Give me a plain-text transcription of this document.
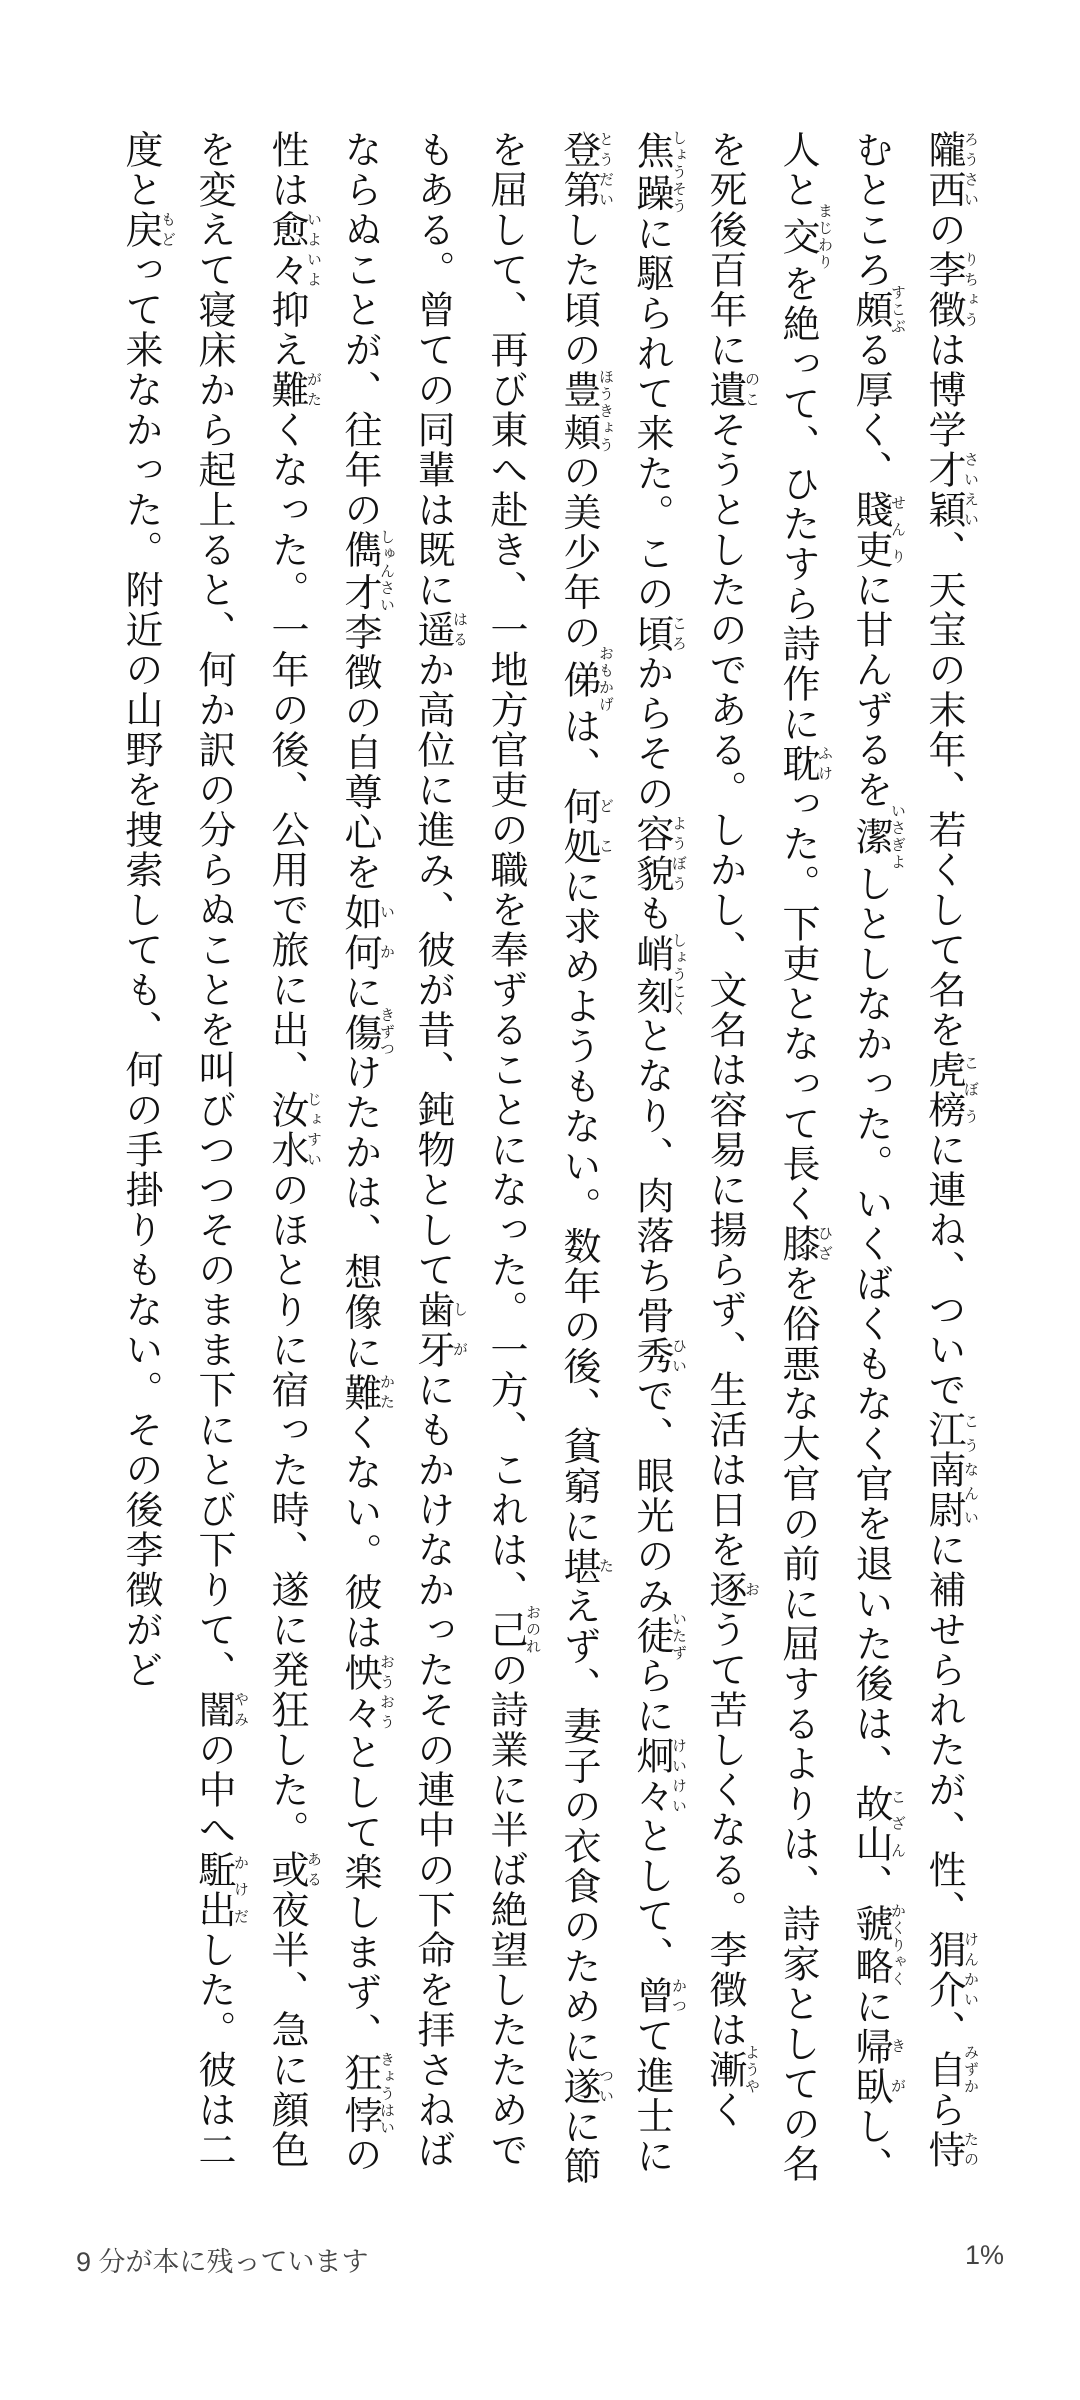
隴西ろうさいの李徴りちょうは博学才穎さいえい、天宝の末年、若くして名を虎榜こぼうに連ね、ついで江南尉こうなんいに補せられたが、性、狷介けんかい、自みずから恃たのむところ頗すこぶる厚く、賤吏せんりに甘んずるを潔いさぎよしとしなかった。いくばくもなく官を退いた後は、故山こざん、虢略かくりゃくに帰臥きがし、人と交まじわりを絶って、ひたすら詩作に耽ふけった。下吏となって長く膝ひざを俗悪な大官の前に屈するよりは、詩家としての名を死後百年に遺のこそうとしたのである。しかし、文名は容易に揚らず、生活は日を逐おうて苦しくなる。李徴は漸ようやく焦躁しょうそうに駆られて来た。この頃ころからその容貌ようぼうも峭刻しょうこくとなり、肉落ち骨秀ひいで、眼光のみ徒いたずらに炯々けいけいとして、曾かつて進士に登第とうだいした頃の豊頬ほうきょうの美少年の俤おもかげは、何処どこに求めようもない。数年の後、貧窮に堪たえず、妻子の衣食のために遂ついに節を屈して、再び東へ赴き、一地方官吏の職を奉ずることになった。一方、これは、己おのれの詩業に半ば絶望したためでもある。曾ての同輩は既に遥はるか高位に進み、彼が昔、鈍物として歯牙しがにもかけなかったその連中の下命を拝さねばならぬことが、往年の儁才しゅんさい李徴の自尊心を如何いかに傷きずつけたかは、想像に難かたくない。彼は怏々おうおうとして楽しまず、狂悖きょうはいの性は愈々いよいよ抑え難がたくなった。一年の後、公用で旅に出、汝水じょすいのほとりに宿った時、遂に発狂した。或ある夜半、急に顔色を変えて寝床から起上ると、何か訳の分らぬことを叫びつつそのまま下にとび下りて、闇やみの中へ駈出かけだした。彼は二度と戻もどって来なかった。附近の山野を捜索しても、何の手掛りもない。その後李徴がど

9 分が本に残っています	1%
